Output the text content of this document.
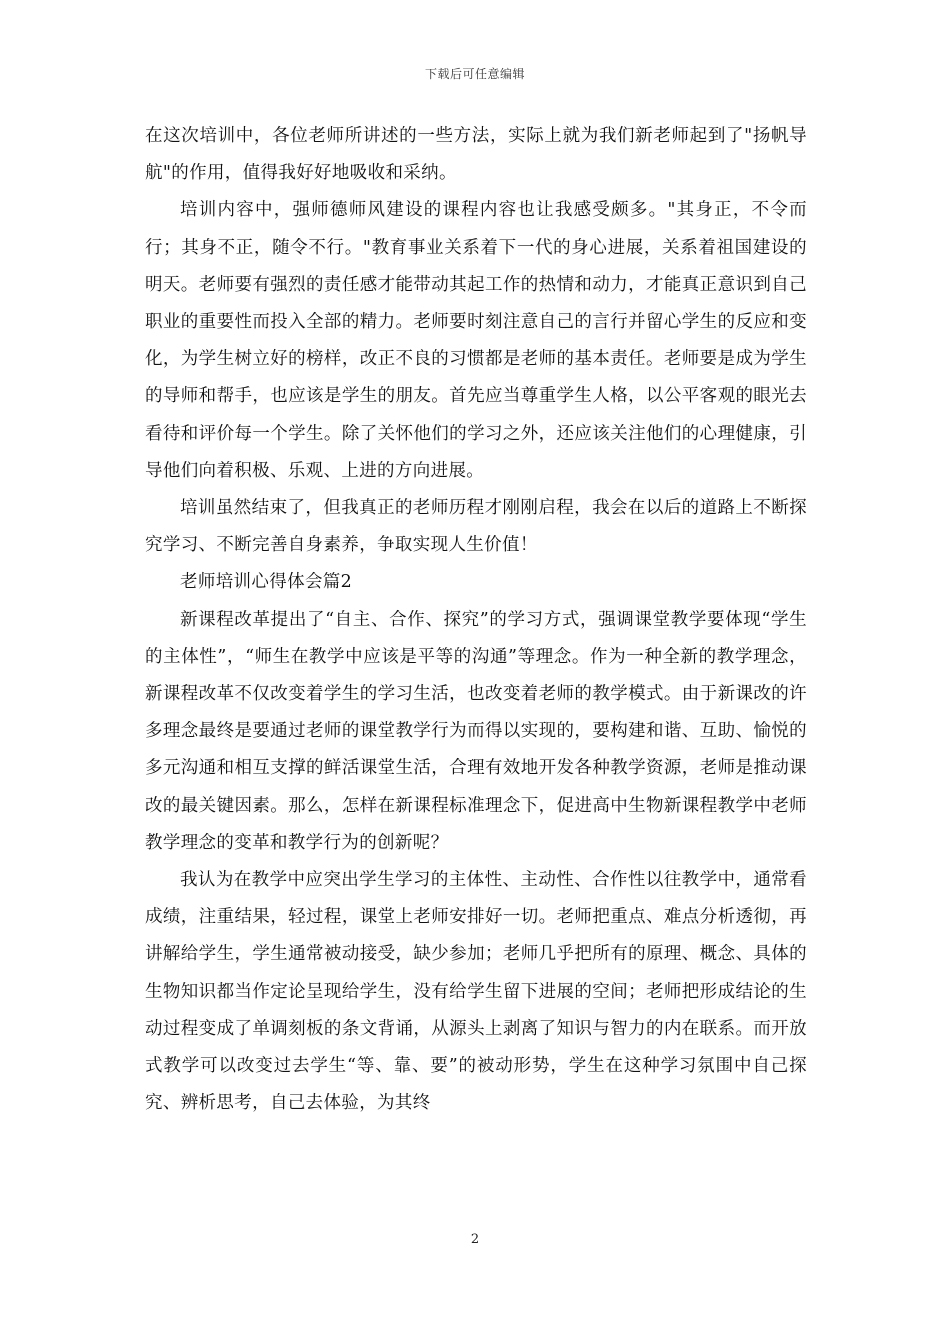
下载后可任意编辑

在这次培训中，各位老师所讲述的一些方法，实际上就为我们新老师起到了"扬帆导航"的作用，值得我好好地吸收和采纳。

培训内容中，强师德师风建设的课程内容也让我感受颇多。"其身正，不令而行；其身不正，随令不行。"教育事业关系着下一代的身心进展，关系着祖国建设的明天。老师要有强烈的责任感才能带动其起工作的热情和动力，才能真正意识到自己职业的重要性而投入全部的精力。老师要时刻注意自己的言行并留心学生的反应和变化，为学生树立好的榜样，改正不良的习惯都是老师的基本责任。老师要是成为学生的导师和帮手，也应该是学生的朋友。首先应当尊重学生人格，以公平客观的眼光去看待和评价每一个学生。除了关怀他们的学习之外，还应该关注他们的心理健康，引导他们向着积极、乐观、上进的方向进展。

培训虽然结束了，但我真正的老师历程才刚刚启程，我会在以后的道路上不断探究学习、不断完善自身素养，争取实现人生价值！

老师培训心得体会篇2

新课程改革提出了“自主、合作、探究”的学习方式，强调课堂教学要体现“学生的主体性”，“师生在教学中应该是平等的沟通”等理念。作为一种全新的教学理念，新课程改革不仅改变着学生的学习生活，也改变着老师的教学模式。由于新课改的许多理念最终是要通过老师的课堂教学行为而得以实现的，要构建和谐、互助、愉悦的多元沟通和相互支撑的鲜活课堂生活，合理有效地开发各种教学资源，老师是推动课改的最关键因素。那么，怎样在新课程标准理念下，促进高中生物新课程教学中老师教学理念的变革和教学行为的创新呢？

我认为在教学中应突出学生学习的主体性、主动性、合作性以往教学中，通常看成绩，注重结果，轻过程，课堂上老师安排好一切。老师把重点、难点分析透彻，再讲解给学生，学生通常被动接受，缺少参加；老师几乎把所有的原理、概念、具体的生物知识都当作定论呈现给学生，没有给学生留下进展的空间；老师把形成结论的生动过程变成了单调刻板的条文背诵，从源头上剥离了知识与智力的内在联系。而开放式教学可以改变过去学生“等、靠、要”的被动形势，学生在这种学习氛围中自己探究、辨析思考，自己去体验，为其终

2
